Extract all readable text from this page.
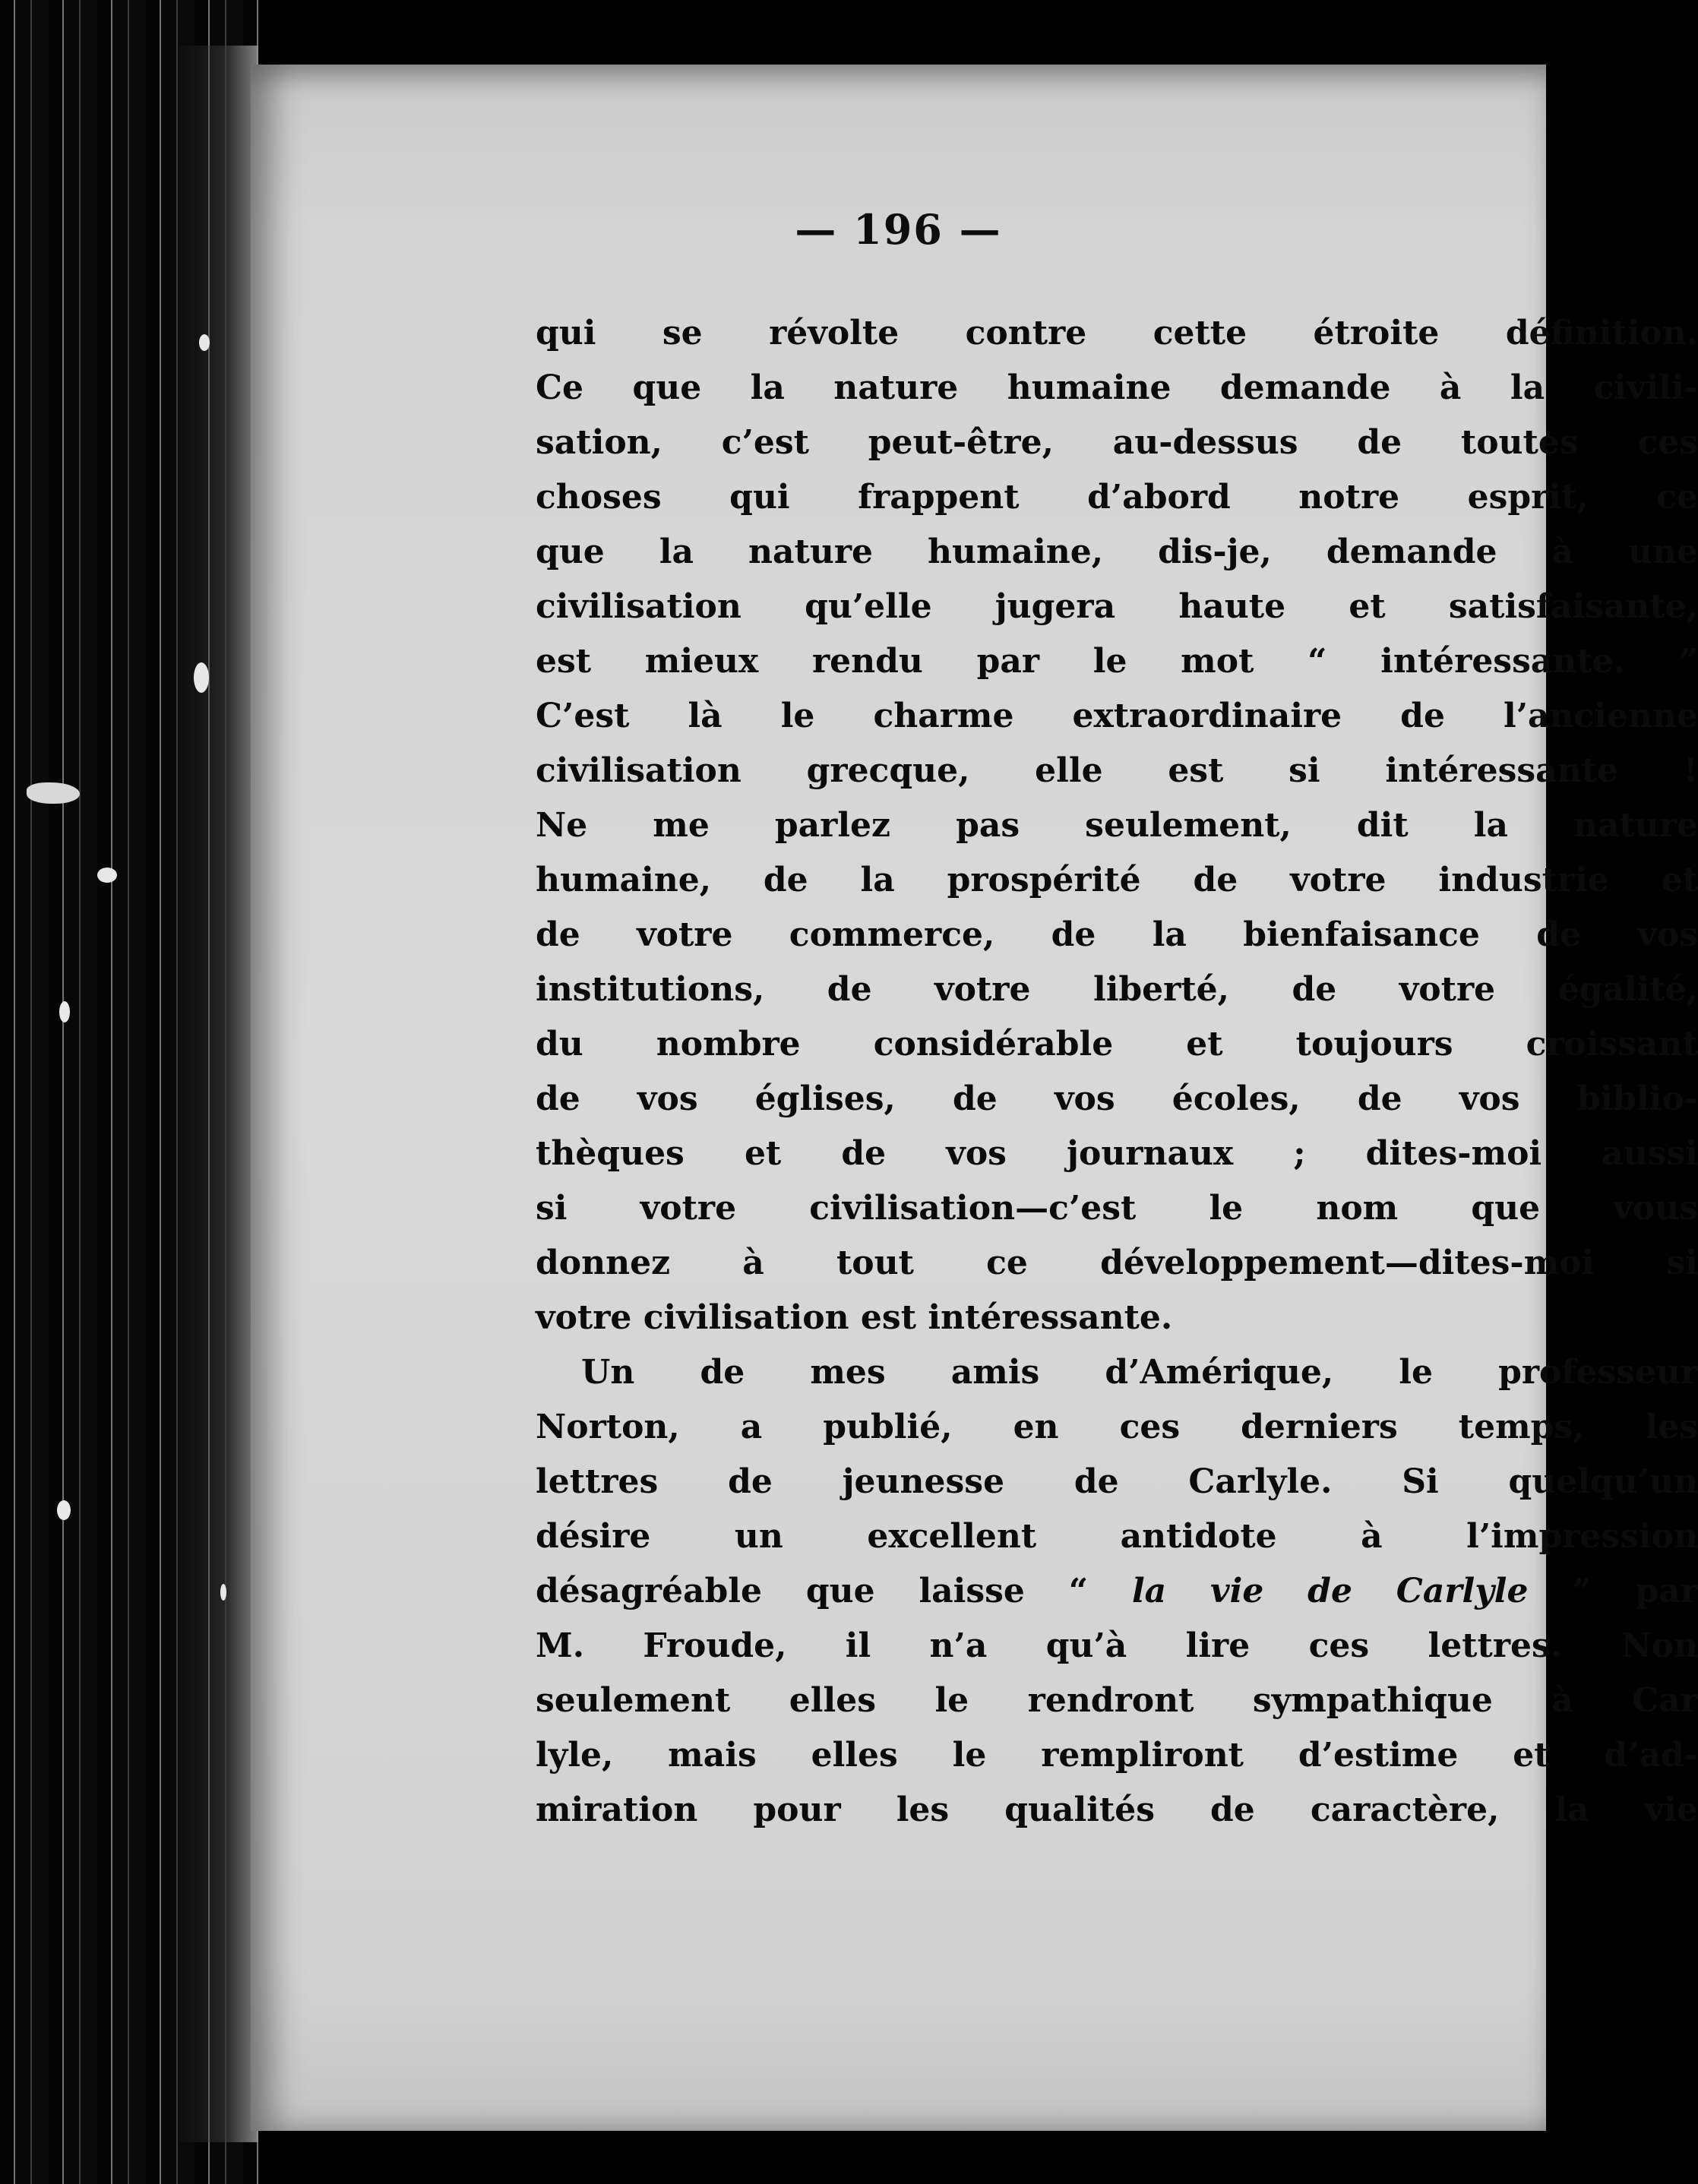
— 196 —
qui se révolte contre cette étroite définition.
Ce que la nature humaine demande à la civili-
sation, c’est peut-être, au-dessus de toutes ces
choses qui frappent d’abord notre esprit, ce
que la nature humaine, dis-je, demande à une
civilisation qu’elle jugera haute et satisfaisante,
est mieux rendu par le mot “ intéressante. ”
C’est là le charme extraordinaire de l’ancienne
civilisation grecque, elle est si intéressante !
Ne me parlez pas seulement, dit la nature
humaine, de la prospérité de votre industrie et
de votre commerce, de la bienfaisance de vos
institutions, de votre liberté, de votre égalité,
du nombre considérable et toujours croissant
de vos églises, de vos écoles, de vos biblio-
thèques et de vos journaux ; dites-moi aussi
si votre civilisation—c’est le nom que vous
donnez à tout ce développement—dites-moi si
votre civilisation est intéressante.
Un de mes amis d’Amérique, le professeur
Norton, a publié, en ces derniers temps, les
lettres de jeunesse de Carlyle. Si quelqu’un
désire un excellent antidote à l’impression
désagréable que laisse “ la vie de Carlyle ” par
M. Froude, il n’a qu’à lire ces lettres. Non
seulement elles le rendront sympathique à Car
lyle, mais elles le rempliront d’estime et d’ad-
miration pour les qualités de caractère, la vie
